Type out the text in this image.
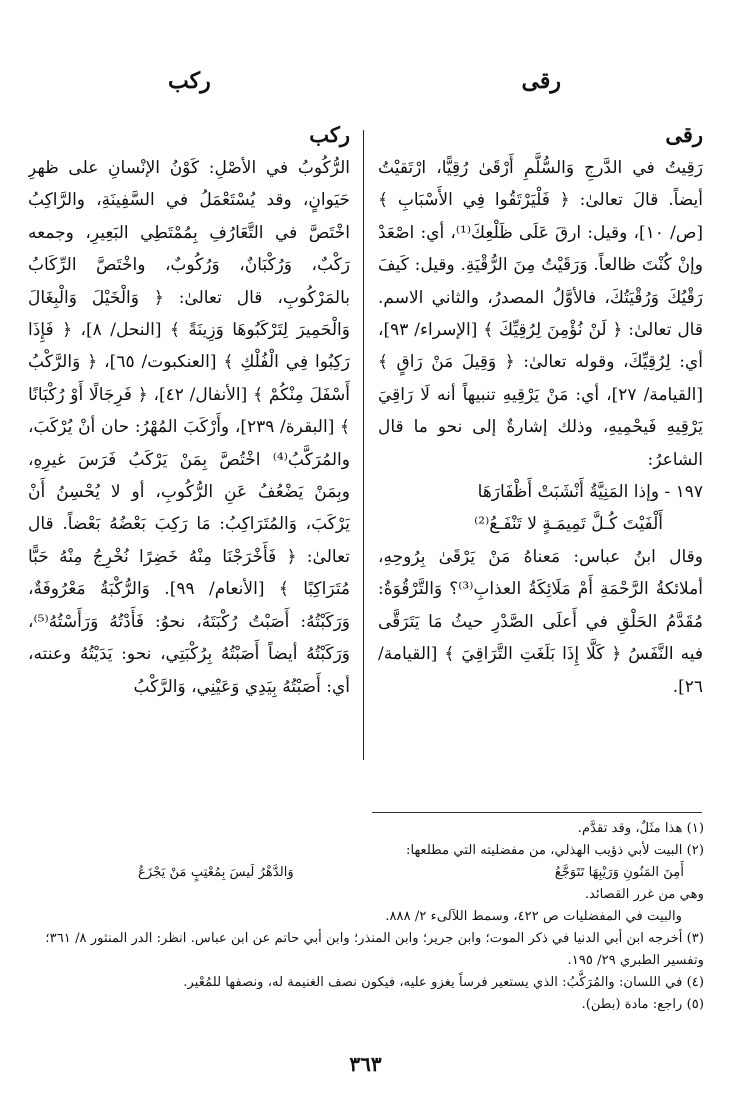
رقى
ركب
رقى

رَقِيتُ في الدَّرجِ وَالسُّلَّمِ أَرْقَىٰ رُقِيًّا، ارْتَقيْتُ أيضاً. قالَ تعالىٰ: ﴿ فَلْيَرْتَقُوا فِي الأَسْبَابِ ﴾ [ص/ ١٠]، وقيل: ارقَ عَلَى ظَلْعِكَ⁽¹⁾، أي: اصْعَدْ وإنْ كُنْتَ ظالعاً. وَرَقَيْتُ مِنَ الرُّقْيَةِ. وقيل: كَيفَ رَقْيُكَ وَرُقْيَتُكَ، فالأوَّلُ المصدرُ، والثاني الاسم. قال تعالىٰ: ﴿ لَنْ نُؤْمِنَ لِرُقِيِّكَ ﴾ [الإسراء/ ٩٣]، أي: لِرُقِيِّكَ، وقوله تعالىٰ: ﴿ وَقِيلَ مَنْ رَاقٍ ﴾ [القيامة/ ٢٧]، أي: مَنْ يَرْقِيهِ تنبيهاً أنه لَا رَاقِيَ يَرْقِيهِ فَيحْمِيهِ، وذلك إشارةٌ إلى نحو ما قال الشاعرُ:

١٩٧ - وإذا المَنِيَّةُ أَنْشَبَتْ أَظْفَارَهَا
أَلْفَيْتَ كُـلَّ تَمِيمَـةٍ لا تَنْفَـعُ⁽²⁾

وقال ابنُ عباس: مَعناهُ مَنْ يَرْقَىٰ بِرُوحِهِ، أملائكةُ الرَّحْمَةِ أَمْ مَلَائِكَةُ العذابِ⁽³⁾؟ وَالتَّرْقُوَةُ: مُقَدَّمُ الحَلْقِ في أَعلَى الصَّدْرِ حيثُ مَا يَتَرَقَّى فيه النَّفَسُ ﴿ كَلَّا إِذَا بَلَغَتِ التَّرَاقِيَ ﴾ [القيامة/ ٢٦].

ركب

الرُّكُوبُ في الأصْلِ: كَوْنُ الإنْسانِ على ظهرِ حَيَوانٍ، وقد يُسْتَعْمَلُ في السَّفِينَةِ، والرَّاكِبُ اخْتَصَّ في التَّعَارُفِ بِمُمْتَطِي البَعِيرِ، وجمعه رَكْبٌ، وَرُكْبَانٌ، وَرُكُوبٌ، واخْتَصَّ الرِّكَابُ بالمَرْكُوبِ، قال تعالىٰ: ﴿ وَالْخَيْلَ وَالْبِغَالَ وَالْحَمِيرَ لِتَرْكَبُوهَا وَزِينَةً ﴾ [النحل/ ٨]، ﴿ فَإِذَا رَكِبُوا فِي الْفُلْكِ ﴾ [العنكبوت/ ٦٥]، ﴿ وَالرَّكْبُ أَسْفَلَ مِنْكُمْ ﴾ [الأنفال/ ٤٢]، ﴿ فَرِجَالًا أَوْ رُكْبَانًا ﴾ [البقرة/ ٢٣٩]، وأَرْكَبَ المُهْرُ: حان أنْ يُرْكَبَ، والمُرَكَّبُ⁽⁴⁾ اخْتُصَّ بِمَنْ يَرْكَبُ فَرَسَ غيرِهِ، وبِمَنْ يَضْعُفُ عَنِ الرُّكُوبِ، أو لا يُحْسِنُ أَنْ يَرْكَبَ، وَالمُتَرَاكِبُ: مَا رَكِبَ بَعْضُهُ بَعْضاً. قال تعالىٰ: ﴿ فَأَخْرَجْنَا مِنْهُ خَضِرًا نُخْرِجُ مِنْهُ حَبًّا مُتَرَاكِبًا ﴾ [الأنعام/ ٩٩]. وَالرُّكْبَةُ مَعْرُوفَةٌ، وَرَكَبْتُهُ: أَصَبْتُ رُكْبَتَهُ، نحوُ: فَأَدْتُهُ وَرَأَسْتُهُ⁽⁵⁾، وَرَكَبْتُهُ أيضاً أَصَبْتُهُ بِرُكْبَتِي، نحو: يَدَيْتُهُ وعنته، أي: أَصَبْتُهُ بِيَدِي وَعَيْنِي، وَالرَّكْبُ

(١) هذا مثَلٌ، وقد تقدَّم.

(٢) البيت لأبي ذؤيب الهذلي، من مفضليته التي مطلعها:

أَمِنَ المَنُونِ وَرَيْبِهَا تَتَوَجَّعُ
وَالدَّهْرُ لَيسَ بِمُعْتِبٍ مَنْ يَجْزَعُ

وهي من غرر القصائد.

والبيت في المفضليات ص ٤٢٢، وسمط اللآلىء ٢/ ٨٨٨.

(٣) أخرجه ابن أبي الدنيا في ذكر الموت؛ وابن جرير؛ وابن المنذر؛ وابن أبي حاتم عن ابن عباس. انظر: الدر المنثور ٨/ ٣٦١؛ وتفسير الطبري ٢٩/ ١٩٥.

(٤) في اللسان: والمُرَكَّبُ: الذي يستعير فرساً يغزو عليه، فيكون نصف الغنيمة له، ونصفها للمُعْير.

(٥) راجع: مادة (بطن).

٣٦٣
